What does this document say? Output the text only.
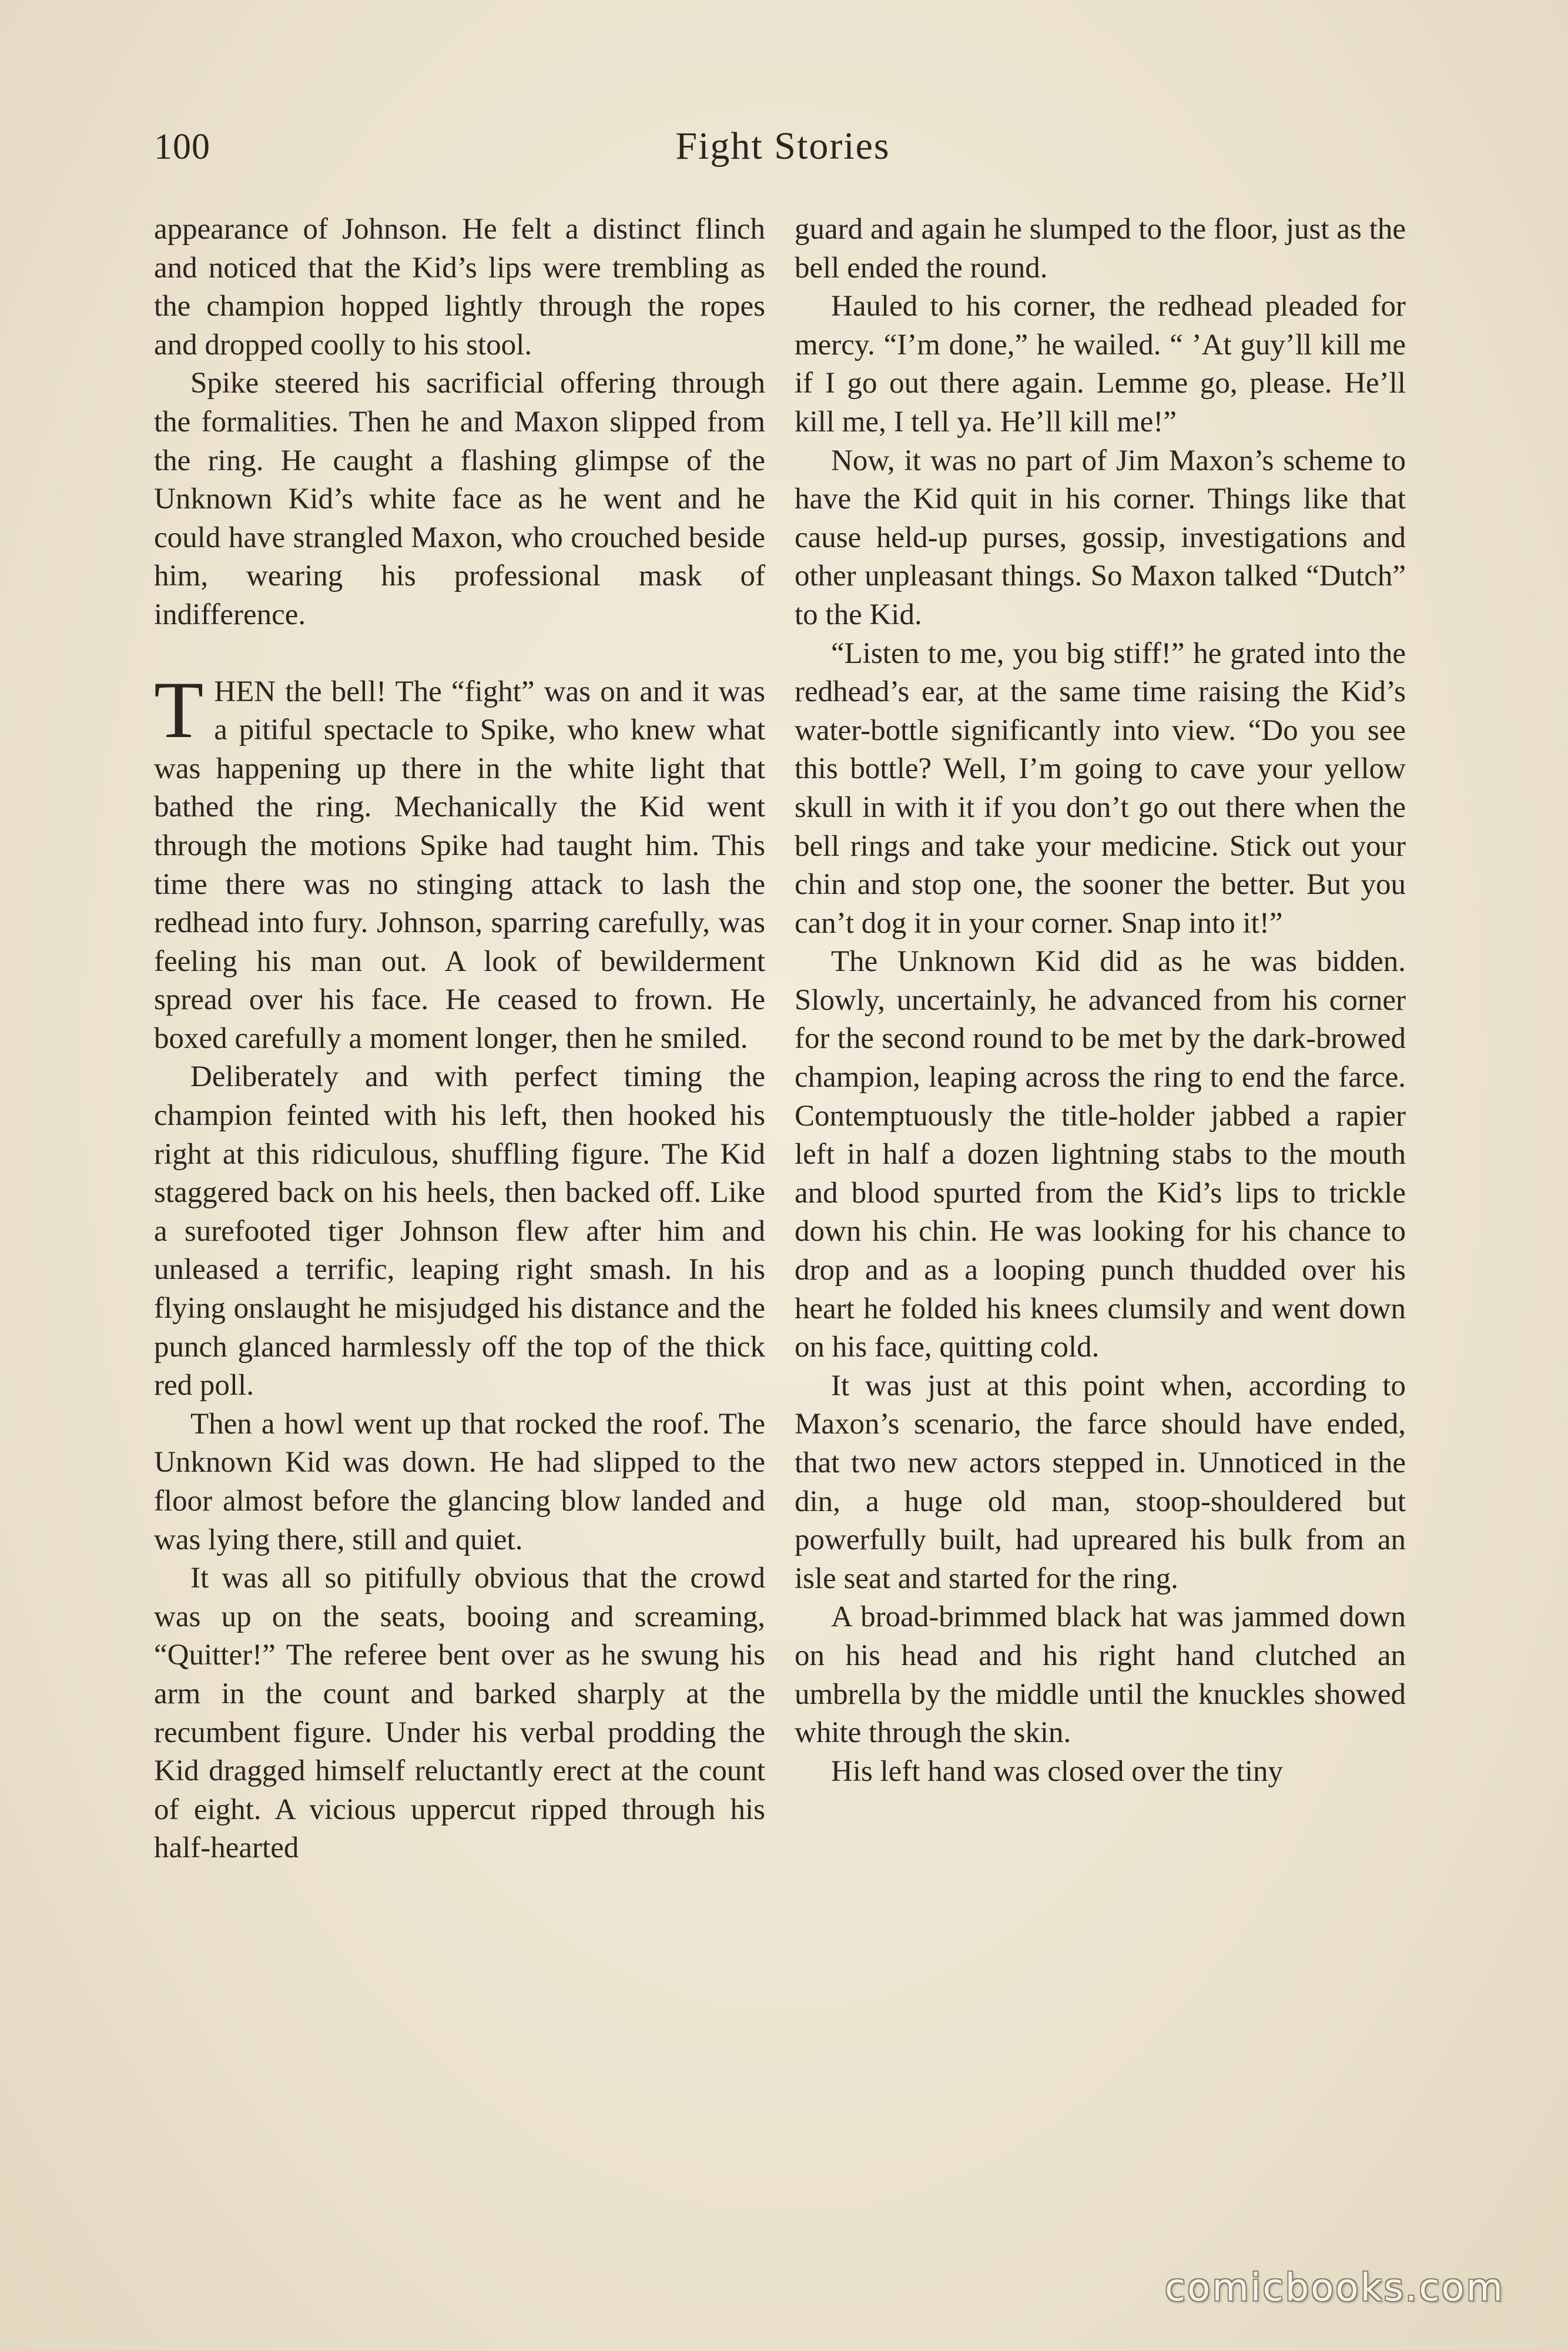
100	Fight Stories

appearance of Johnson. He felt a distinct flinch and noticed that the Kid’s lips were trembling as the champion hopped lightly through the ropes and dropped coolly to his stool.

Spike steered his sacrificial offering through the formalities. Then he and Maxon slipped from the ring. He caught a flashing glimpse of the Unknown Kid’s white face as he went and he could have strangled Maxon, who crouched beside him, wearing his professional mask of indifference.

THEN the bell! The “fight” was on and it was a pitiful spectacle to Spike, who knew what was happening up there in the white light that bathed the ring. Mechanically the Kid went through the motions Spike had taught him. This time there was no stinging attack to lash the redhead into fury. Johnson, sparring carefully, was feeling his man out. A look of bewilderment spread over his face. He ceased to frown. He boxed carefully a moment longer, then he smiled.

Deliberately and with perfect timing the champion feinted with his left, then hooked his right at this ridiculous, shuffling figure. The Kid staggered back on his heels, then backed off. Like a surefooted tiger Johnson flew after him and unleased a terrific, leaping right smash. In his flying onslaught he misjudged his distance and the punch glanced harmlessly off the top of the thick red poll.

Then a howl went up that rocked the roof. The Unknown Kid was down. He had slipped to the floor almost before the glancing blow landed and was lying there, still and quiet.

It was all so pitifully obvious that the crowd was up on the seats, booing and screaming, “Quitter!” The referee bent over as he swung his arm in the count and barked sharply at the recumbent figure. Under his verbal prodding the Kid dragged himself reluctantly erect at the count of eight. A vicious uppercut ripped through his half-hearted

guard and again he slumped to the floor, just as the bell ended the round.

Hauled to his corner, the redhead pleaded for mercy. “I’m done,” he wailed. “ ’At guy’ll kill me if I go out there again. Lemme go, please. He’ll kill me, I tell ya. He’ll kill me!”

Now, it was no part of Jim Maxon’s scheme to have the Kid quit in his corner. Things like that cause held-up purses, gossip, investigations and other unpleasant things. So Maxon talked “Dutch” to the Kid.

“Listen to me, you big stiff!” he grated into the redhead’s ear, at the same time raising the Kid’s water-bottle significantly into view. “Do you see this bottle? Well, I’m going to cave your yellow skull in with it if you don’t go out there when the bell rings and take your medicine. Stick out your chin and stop one, the sooner the better. But you can’t dog it in your corner. Snap into it!”

The Unknown Kid did as he was bidden. Slowly, uncertainly, he advanced from his corner for the second round to be met by the dark-browed champion, leaping across the ring to end the farce. Contemptuously the title-holder jabbed a rapier left in half a dozen lightning stabs to the mouth and blood spurted from the Kid’s lips to trickle down his chin. He was looking for his chance to drop and as a looping punch thudded over his heart he folded his knees clumsily and went down on his face, quitting cold.

It was just at this point when, according to Maxon’s scenario, the farce should have ended, that two new actors stepped in. Unnoticed in the din, a huge old man, stoop-shouldered but powerfully built, had upreared his bulk from an isle seat and started for the ring.

A broad-brimmed black hat was jammed down on his head and his right hand clutched an umbrella by the middle until the knuckles showed white through the skin.

His left hand was closed over the tiny

comicbooks.com
